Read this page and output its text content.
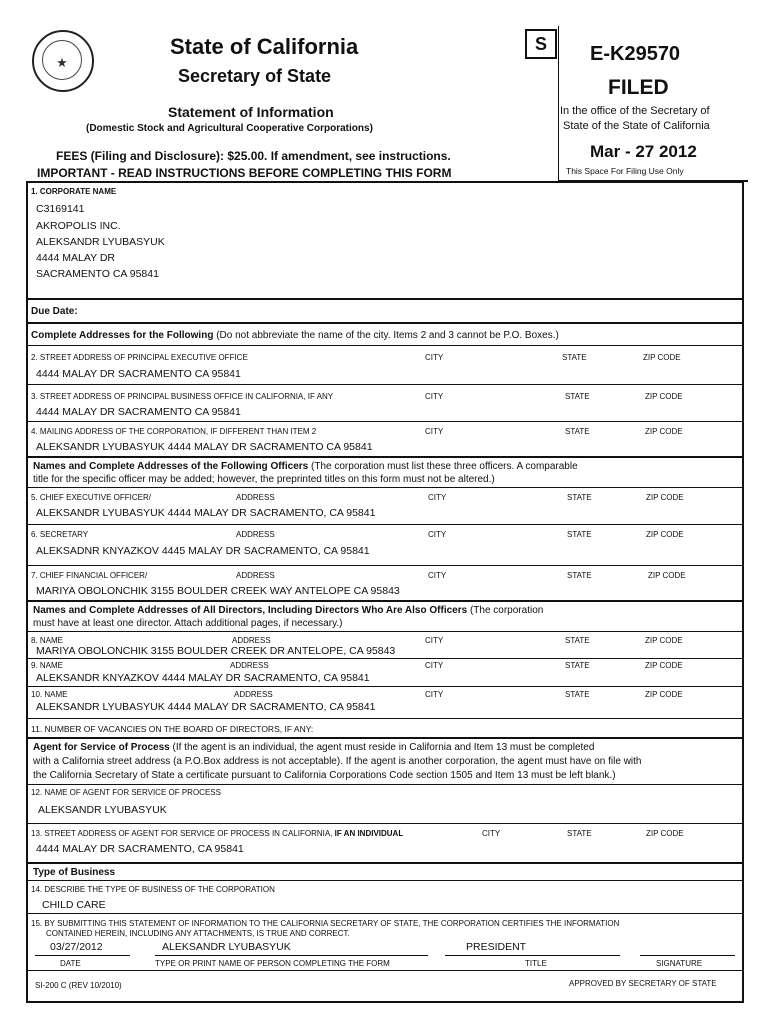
★
State of California
Secretary of State
Statement of Information
(Domestic Stock and Agricultural Cooperative Corporations)
FEES (Filing and Disclosure): $25.00. If amendment, see instructions.
IMPORTANT - READ INSTRUCTIONS BEFORE COMPLETING THIS FORM
S	E-K29570
FILED
In the office of the Secretary of
State of the State of California
Mar - 27 2012
This Space For Filing Use Only
1. CORPORATE NAME
C3169141
AKROPOLIS INC.
ALEKSANDR LYUBASYUK
4444 MALAY DR
SACRAMENTO CA 95841
Due Date:
Complete Addresses for the Following (Do not abbreviate the name of the city. Items 2 and 3 cannot be P.O. Boxes.)
2. STREET ADDRESS OF PRINCIPAL EXECUTIVE OFFICE	CITY	STATE	ZIP CODE
4444 MALAY DR SACRAMENTO CA 95841
3. STREET ADDRESS OF PRINCIPAL BUSINESS OFFICE IN CALIFORNIA, IF ANY	CITY	STATE	ZIP CODE
4444 MALAY DR SACRAMENTO CA 95841
4. MAILING ADDRESS OF THE CORPORATION, IF DIFFERENT THAN ITEM 2	CITY	STATE	ZIP CODE
ALEKSANDR LYUBASYUK 4444 MALAY DR SACRAMENTO CA 95841
Names and Complete Addresses of the Following Officers (The corporation must list these three officers. A comparable
title for the specific officer may be added; however, the preprinted titles on this form must not be altered.)
5. CHIEF EXECUTIVE OFFICER/	ADDRESS	CITY	STATE	ZIP CODE
ALEKSANDR LYUBASYUK 4444 MALAY DR SACRAMENTO, CA 95841
6. SECRETARY	ADDRESS	CITY	STATE	ZIP CODE
ALEKSADNR KNYAZKOV 4445 MALAY DR SACRAMENTO, CA 95841
7. CHIEF FINANCIAL OFFICER/	ADDRESS	CITY	STATE	ZIP CODE
MARIYA OBOLONCHIK 3155 BOULDER CREEK WAY ANTELOPE CA 95843
Names and Complete Addresses of All Directors, Including Directors Who Are Also Officers (The corporation
must have at least one director. Attach additional pages, if necessary.)
8. NAME	ADDRESS	CITY	STATE	ZIP CODE
MARIYA OBOLONCHIK 3155 BOULDER CREEK DR ANTELOPE, CA 95843
9. NAME	ADDRESS	CITY	STATE	ZIP CODE
ALEKSANDR KNYAZKOV 4444 MALAY DR SACRAMENTO, CA 95841
10. NAME	ADDRESS	CITY	STATE	ZIP CODE
ALEKSANDR LYUBASYUK 4444 MALAY DR SACRAMENTO, CA 95841
11. NUMBER OF VACANCIES ON THE BOARD OF DIRECTORS, IF ANY:
Agent for Service of Process (If the agent is an individual, the agent must reside in California and Item 13 must be completed
with a California street address (a P.O.Box address is not acceptable). If the agent is another corporation, the agent must have on file with
the California Secretary of State a certificate pursuant to California Corporations Code section 1505 and Item 13 must be left blank.)
12. NAME OF AGENT FOR SERVICE OF PROCESS
ALEKSANDR LYUBASYUK
13. STREET ADDRESS OF AGENT FOR SERVICE OF PROCESS IN CALIFORNIA, IF AN INDIVIDUAL	CITY	STATE	ZIP CODE
4444 MALAY DR SACRAMENTO, CA 95841
Type of Business
14. DESCRIBE THE TYPE OF BUSINESS OF THE CORPORATION
CHILD CARE
15. BY SUBMITTING THIS STATEMENT OF INFORMATION TO THE CALIFORNIA SECRETARY OF STATE, THE CORPORATION CERTIFIES THE INFORMATION
CONTAINED HEREIN, INCLUDING ANY ATTACHMENTS, IS TRUE AND CORRECT.
03/27/2012	ALEKSANDR LYUBASYUK	PRESIDENT
DATE	TYPE OR PRINT NAME OF PERSON COMPLETING THE FORM	TITLE	SIGNATURE
SI-200 C (REV 10/2010)	APPROVED BY SECRETARY OF STATE
